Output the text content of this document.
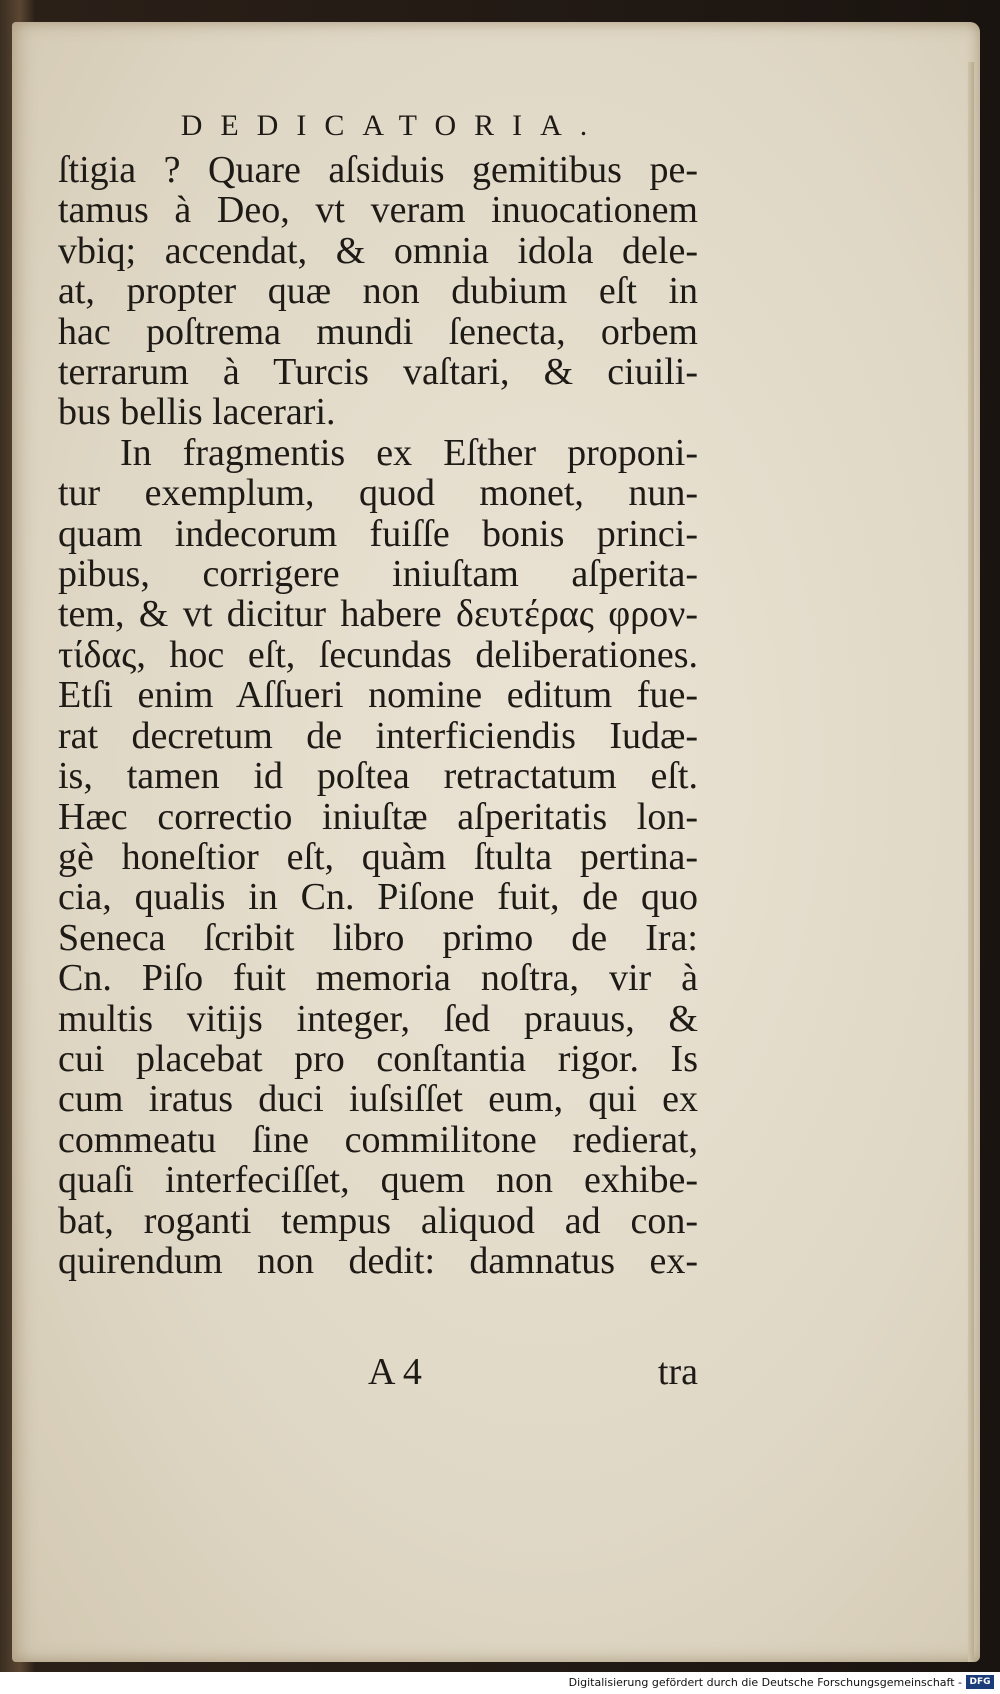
DEDICATORIA.
ſtigia ? Quare aſsiduis gemitibus pe-
tamus à Deo, vt veram inuocationem
vbiq; accendat, & omnia idola dele-
at, propter quæ non dubium eſt in
hac poſtrema mundi ſenecta, orbem
terrarum à Turcis vaſtari, & ciuili-
bus bellis lacerari.
In fragmentis ex Eſther proponi-
tur exemplum, quod monet, nun-
quam indecorum fuiſſe bonis princi-
pibus, corrigere iniuſtam aſperita-
tem, & vt dicitur habere δευτέρας φρον-
τίδας, hoc eſt, ſecundas deliberationes.
Etſi enim Aſſueri nomine editum fue-
rat decretum de interficiendis Iudæ-
is, tamen id poſtea retractatum eſt.
Hæc correctio iniuſtæ aſperitatis lon-
gè honeſtior eſt, quàm ſtulta pertina-
cia, qualis in Cn. Piſone fuit, de quo
Seneca ſcribit libro primo de Ira:
Cn. Piſo fuit memoria noſtra, vir à
multis vitijs integer, ſed prauus, &
cui placebat pro conſtantia rigor. Is
cum iratus duci iuſsiſſet eum, qui ex
commeatu ſine commilitone redierat,
quaſi interfeciſſet, quem non exhibe-
bat, roganti tempus aliquod ad con-
quirendum non dedit: damnatus ex-
A 4	tra
Digitalisierung gefördert durch die Deutsche Forschungsgemeinschaft - DFG
